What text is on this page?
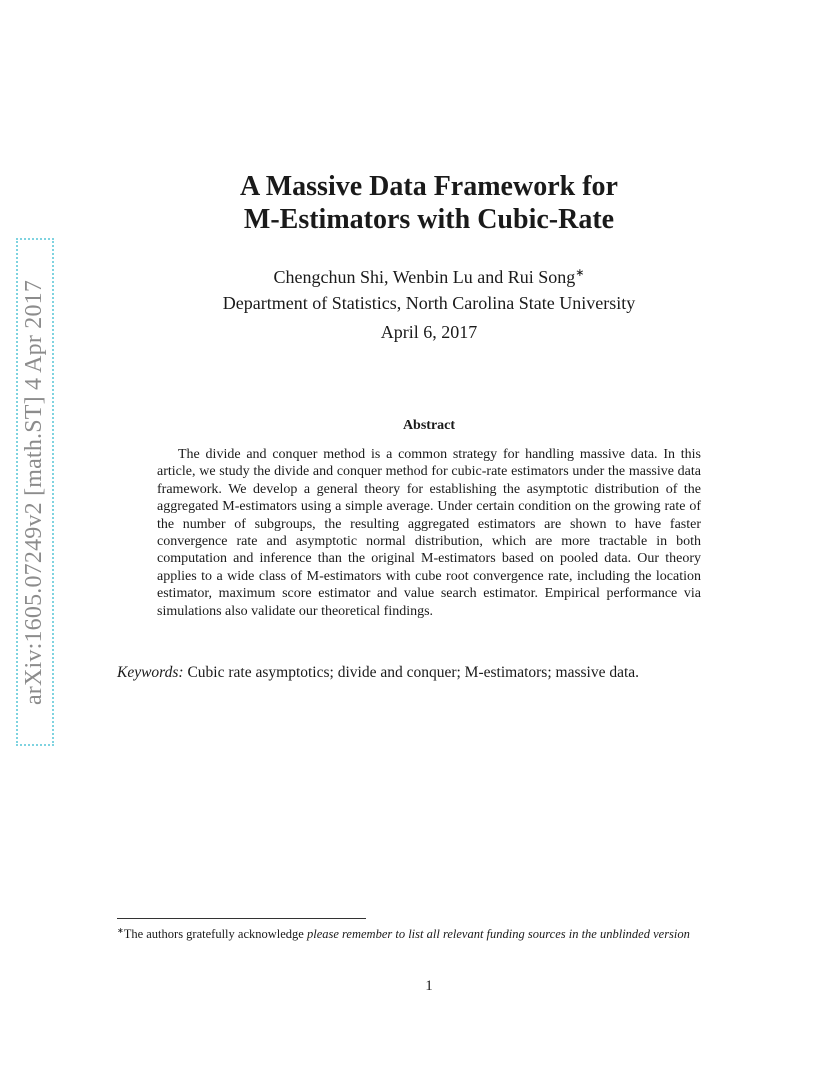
arXiv:1605.07249v2 [math.ST] 4 Apr 2017
A Massive Data Framework for
M-Estimators with Cubic-Rate
Chengchun Shi, Wenbin Lu and Rui Song∗
Department of Statistics, North Carolina State University
April 6, 2017
Abstract
The divide and conquer method is a common strategy for handling massive data. In this article, we study the divide and conquer method for cubic-rate estimators under the massive data framework. We develop a general theory for establishing the asymptotic distribution of the aggregated M-estimators using a simple average. Under certain condition on the growing rate of the number of subgroups, the resulting aggregated estimators are shown to have faster convergence rate and asymptotic normal distribution, which are more tractable in both computation and inference than the original M-estimators based on pooled data. Our theory applies to a wide class of M-estimators with cube root convergence rate, including the location estimator, maximum score estimator and value search estimator. Empirical performance via simulations also validate our theoretical findings.
Keywords: Cubic rate asymptotics; divide and conquer; M-estimators; massive data.
∗The authors gratefully acknowledge please remember to list all relevant funding sources in the unblinded version
1
